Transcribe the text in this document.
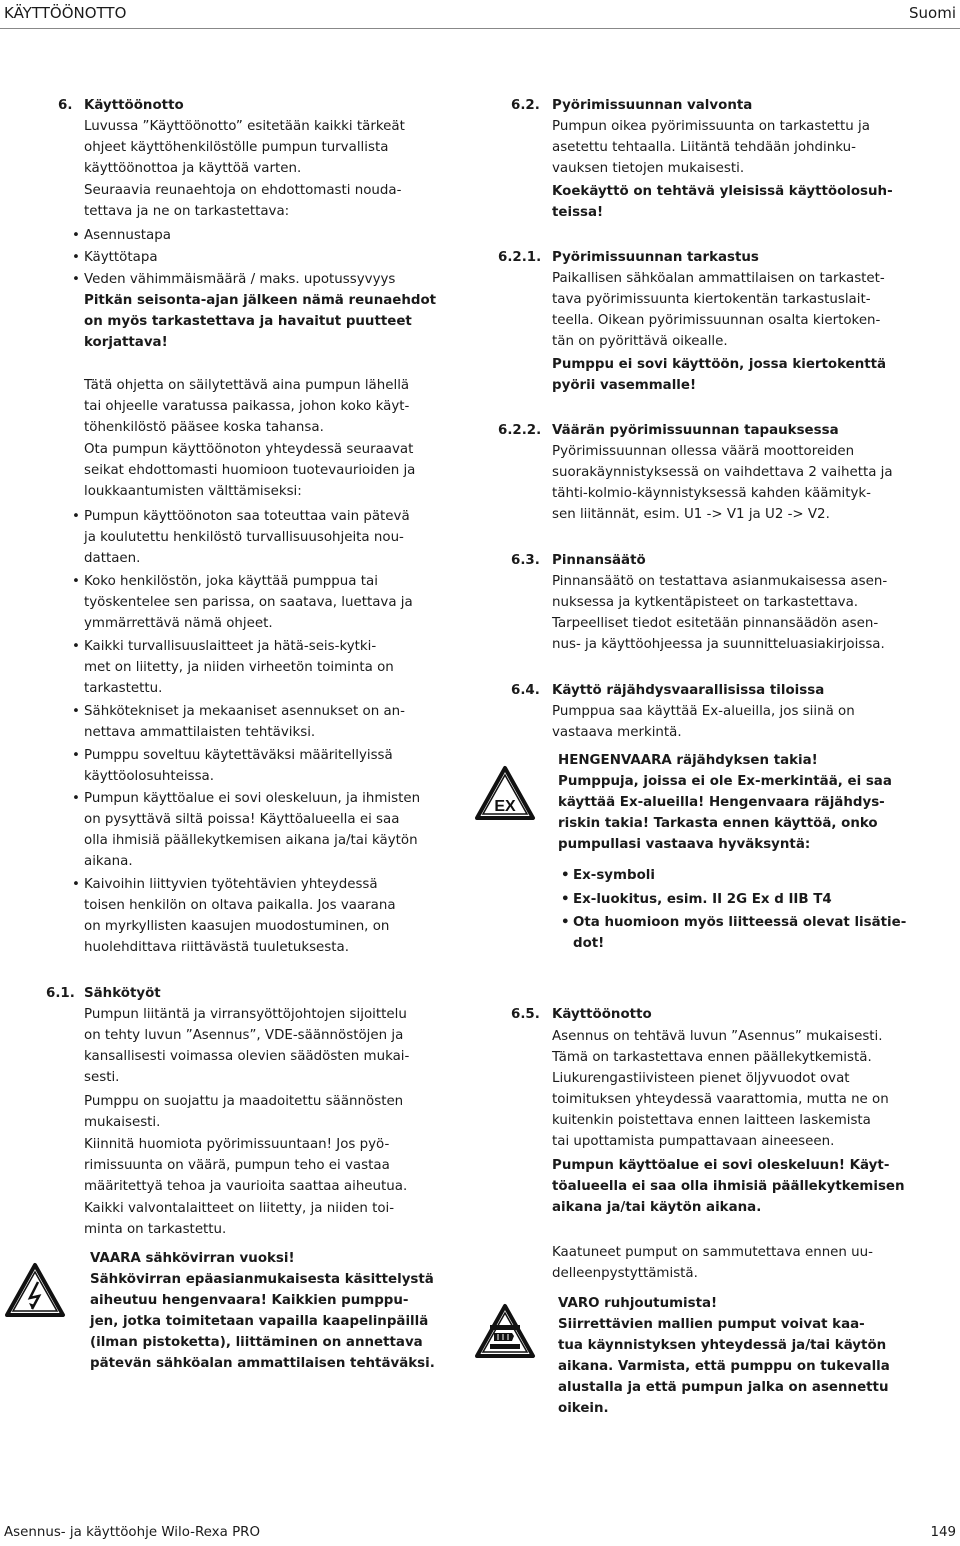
KÄYTTÖÖNOTTO	Suomi
6. Käyttöönotto
Luvussa ”Käyttöönotto” esitetään kaikki tärkeät
ohjeet käyttöhenkilöstölle pumpun turvallista
käyttöönottoa ja käyttöä varten.
Seuraavia reunaehtoja on ehdottomasti nouda-
tettava ja ne on tarkastettava:
• Asennustapa
• Käyttötapa
• Veden vähimmäismäärä / maks. upotussyvyys
Pitkän seisonta-ajan jälkeen nämä reunaehdot
on myös tarkastettava ja havaitut puutteet
korjattava!
Tätä ohjetta on säilytettävä aina pumpun lähellä
tai ohjeelle varatussa paikassa, johon koko käyt-
töhenkilöstö pääsee koska tahansa.
Ota pumpun käyttöönoton yhteydessä seuraavat
seikat ehdottomasti huomioon tuotevaurioiden ja
loukkaantumisten välttämiseksi:
• Pumpun käyttöönoton saa toteuttaa vain pätevä
ja koulutettu henkilöstö turvallisuusohjeita nou-
dattaen.
• Koko henkilöstön, joka käyttää pumppua tai
työskentelee sen parissa, on saatava, luettava ja
ymmärrettävä nämä ohjeet.
• Kaikki turvallisuuslaitteet ja hätä-seis-kytki-
met on liitetty, ja niiden virheetön toiminta on
tarkastettu.
• Sähkötekniset ja mekaaniset asennukset on an-
nettava ammattilaisten tehtäviksi.
• Pumppu soveltuu käytettäväksi määritellyissä
käyttöolosuhteissa.
• Pumpun käyttöalue ei sovi oleskeluun, ja ihmisten
on pysyttävä siltä poissa! Käyttöalueella ei saa
olla ihmisiä päällekytkemisen aikana ja/tai käytön
aikana.
• Kaivoihin liittyvien työtehtävien yhteydessä
toisen henkilön on oltava paikalla. Jos vaarana
on myrkyllisten kaasujen muodostuminen, on
huolehdittava riittävästä tuuletuksesta.
6.1. Sähkötyöt
Pumpun liitäntä ja virransyöttöjohtojen sijoittelu
on tehty luvun ”Asennus”, VDE-säännöstöjen ja
kansallisesti voimassa olevien säädösten mukai-
sesti.
Pumppu on suojattu ja maadoitettu säännösten
mukaisesti.
Kiinnitä huomiota pyörimissuuntaan! Jos pyö-
rimissuunta on väärä, pumpun teho ei vastaa
määritettyä tehoa ja vaurioita saattaa aiheutua.
Kaikki valvontalaitteet on liitetty, ja niiden toi-
minta on tarkastettu.
VAARA sähkövirran vuoksi!
Sähkövirran epäasianmukaisesta käsittelystä
aiheutuu hengenvaara! Kaikkien pumppu-
jen, jotka toimitetaan vapailla kaapelinpäillä
(ilman pistoketta), liittäminen on annettava
pätevän sähköalan ammattilaisen tehtäväksi.
6.2. Pyörimissuunnan valvonta
Pumpun oikea pyörimissuunta on tarkastettu ja
asetettu tehtaalla. Liitäntä tehdään johdinku-
vauksen tietojen mukaisesti.
Koekäyttö on tehtävä yleisissä käyttöolosuh-
teissa!
6.2.1. Pyörimissuunnan tarkastus
Paikallisen sähköalan ammattilaisen on tarkastet-
tava pyörimissuunta kiertokentän tarkastuslait-
teella. Oikean pyörimissuunnan osalta kiertoken-
tän on pyörittävä oikealle.
Pumppu ei sovi käyttöön, jossa kiertokenttä
pyörii vasemmalle!
6.2.2. Väärän pyörimissuunnan tapauksessa
Pyörimissuunnan ollessa väärä moottoreiden
suorakäynnistyksessä on vaihdettava 2 vaihetta ja
tähti-kolmio-käynnistyksessä kahden käämityk-
sen liitännät, esim. U1 -> V1 ja U2 -> V2.
6.3. Pinnansäätö
Pinnansäätö on testattava asianmukaisessa asen-
nuksessa ja kytkentäpisteet on tarkastettava.
Tarpeelliset tiedot esitetään pinnansäädön asen-
nus- ja käyttöohjeessa ja suunnitteluasiakirjoissa.
6.4. Käyttö räjähdysvaarallisissa tiloissa
Pumppua saa käyttää Ex-alueilla, jos siinä on
vastaava merkintä.
EX
HENGENVAARA räjähdyksen takia!
Pumppuja, joissa ei ole Ex-merkintää, ei saa
käyttää Ex-alueilla! Hengenvaara räjähdys-
riskin takia! Tarkasta ennen käyttöä, onko
pumpullasi vastaava hyväksyntä:
• Ex-symboli
• Ex-luokitus, esim. II 2G Ex d IIB T4
• Ota huomioon myös liitteessä olevat lisätie-
dot!
6.5. Käyttöönotto
Asennus on tehtävä luvun ”Asennus” mukaisesti.
Tämä on tarkastettava ennen päällekytkemistä.
Liukurengastiivisteen pienet öljyvuodot ovat
toimituksen yhteydessä vaarattomia, mutta ne on
kuitenkin poistettava ennen laitteen laskemista
tai upottamista pumpattavaan aineeseen.
Pumpun käyttöalue ei sovi oleskeluun! Käyt-
töalueella ei saa olla ihmisiä päällekytkemisen
aikana ja/tai käytön aikana.
Kaatuneet pumput on sammutettava ennen uu-
delleenpystyttämistä.
VARO ruhjoutumista!
Siirrettävien mallien pumput voivat kaa-
tua käynnistyksen yhteydessä ja/tai käytön
aikana. Varmista, että pumppu on tukevalla
alustalla ja että pumpun jalka on asennettu
oikein.
Asennus- ja käyttöohje Wilo-Rexa PRO	149
